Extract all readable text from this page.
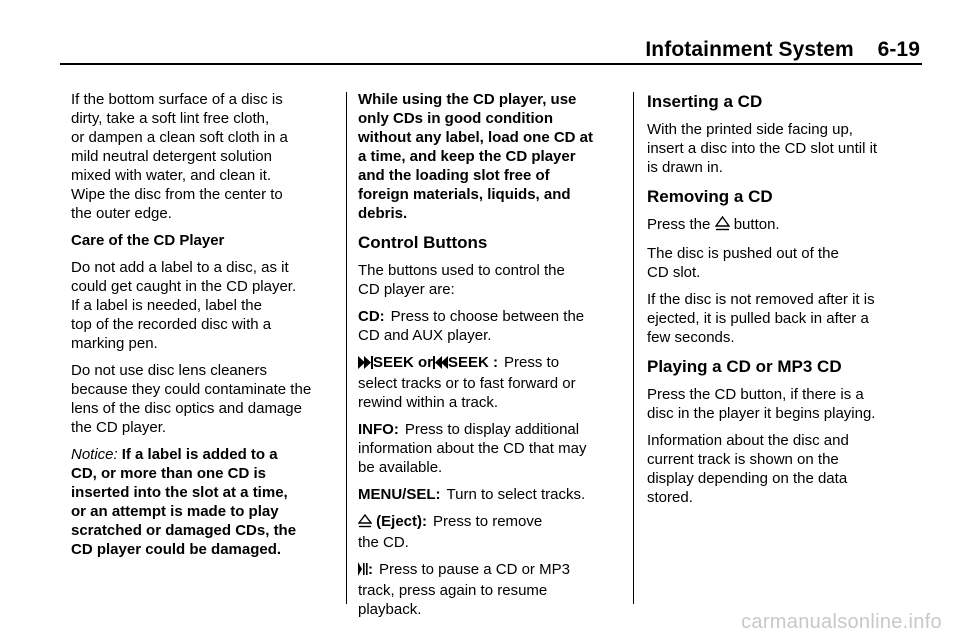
Infotainment System 6-19

If the bottom surface of a disc is
dirty, take a soft lint free cloth,
or dampen a clean soft cloth in a
mild neutral detergent solution
mixed with water, and clean it.
Wipe the disc from the center to
the outer edge.

Care of the CD Player

Do not add a label to a disc, as it
could get caught in the CD player.
If a label is needed, label the
top of the recorded disc with a
marking pen.

Do not use disc lens cleaners
because they could contaminate the
lens of the disc optics and damage
the CD player.

Notice: If a label is added to a
CD, or more than one CD is
inserted into the slot at a time,
or an attempt is made to play
scratched or damaged CDs, the
CD player could be damaged.

While using the CD player, use
only CDs in good condition
without any label, load one CD at
a time, and keep the CD player
and the loading slot free of
foreign materials, liquids, and
debris.

Control Buttons

The buttons used to control the
CD player are:

CD: Press to choose between the
CD and AUX player.

SEEK or SEEK : Press to
select tracks or to fast forward or
rewind within a track.

INFO: Press to display additional
information about the CD that may
be available.

MENU/SEL: Turn to select tracks.

(Eject): Press to remove
the CD.

: Press to pause a CD or MP3
track, press again to resume
playback.

Inserting a CD

With the printed side facing up,
insert a disc into the CD slot until it
is drawn in.

Removing a CD

Press the button.

The disc is pushed out of the
CD slot.

If the disc is not removed after it is
ejected, it is pulled back in after a
few seconds.

Playing a CD or MP3 CD

Press the CD button, if there is a
disc in the player it begins playing.

Information about the disc and
current track is shown on the
display depending on the data
stored.

carmanualsonline.info
